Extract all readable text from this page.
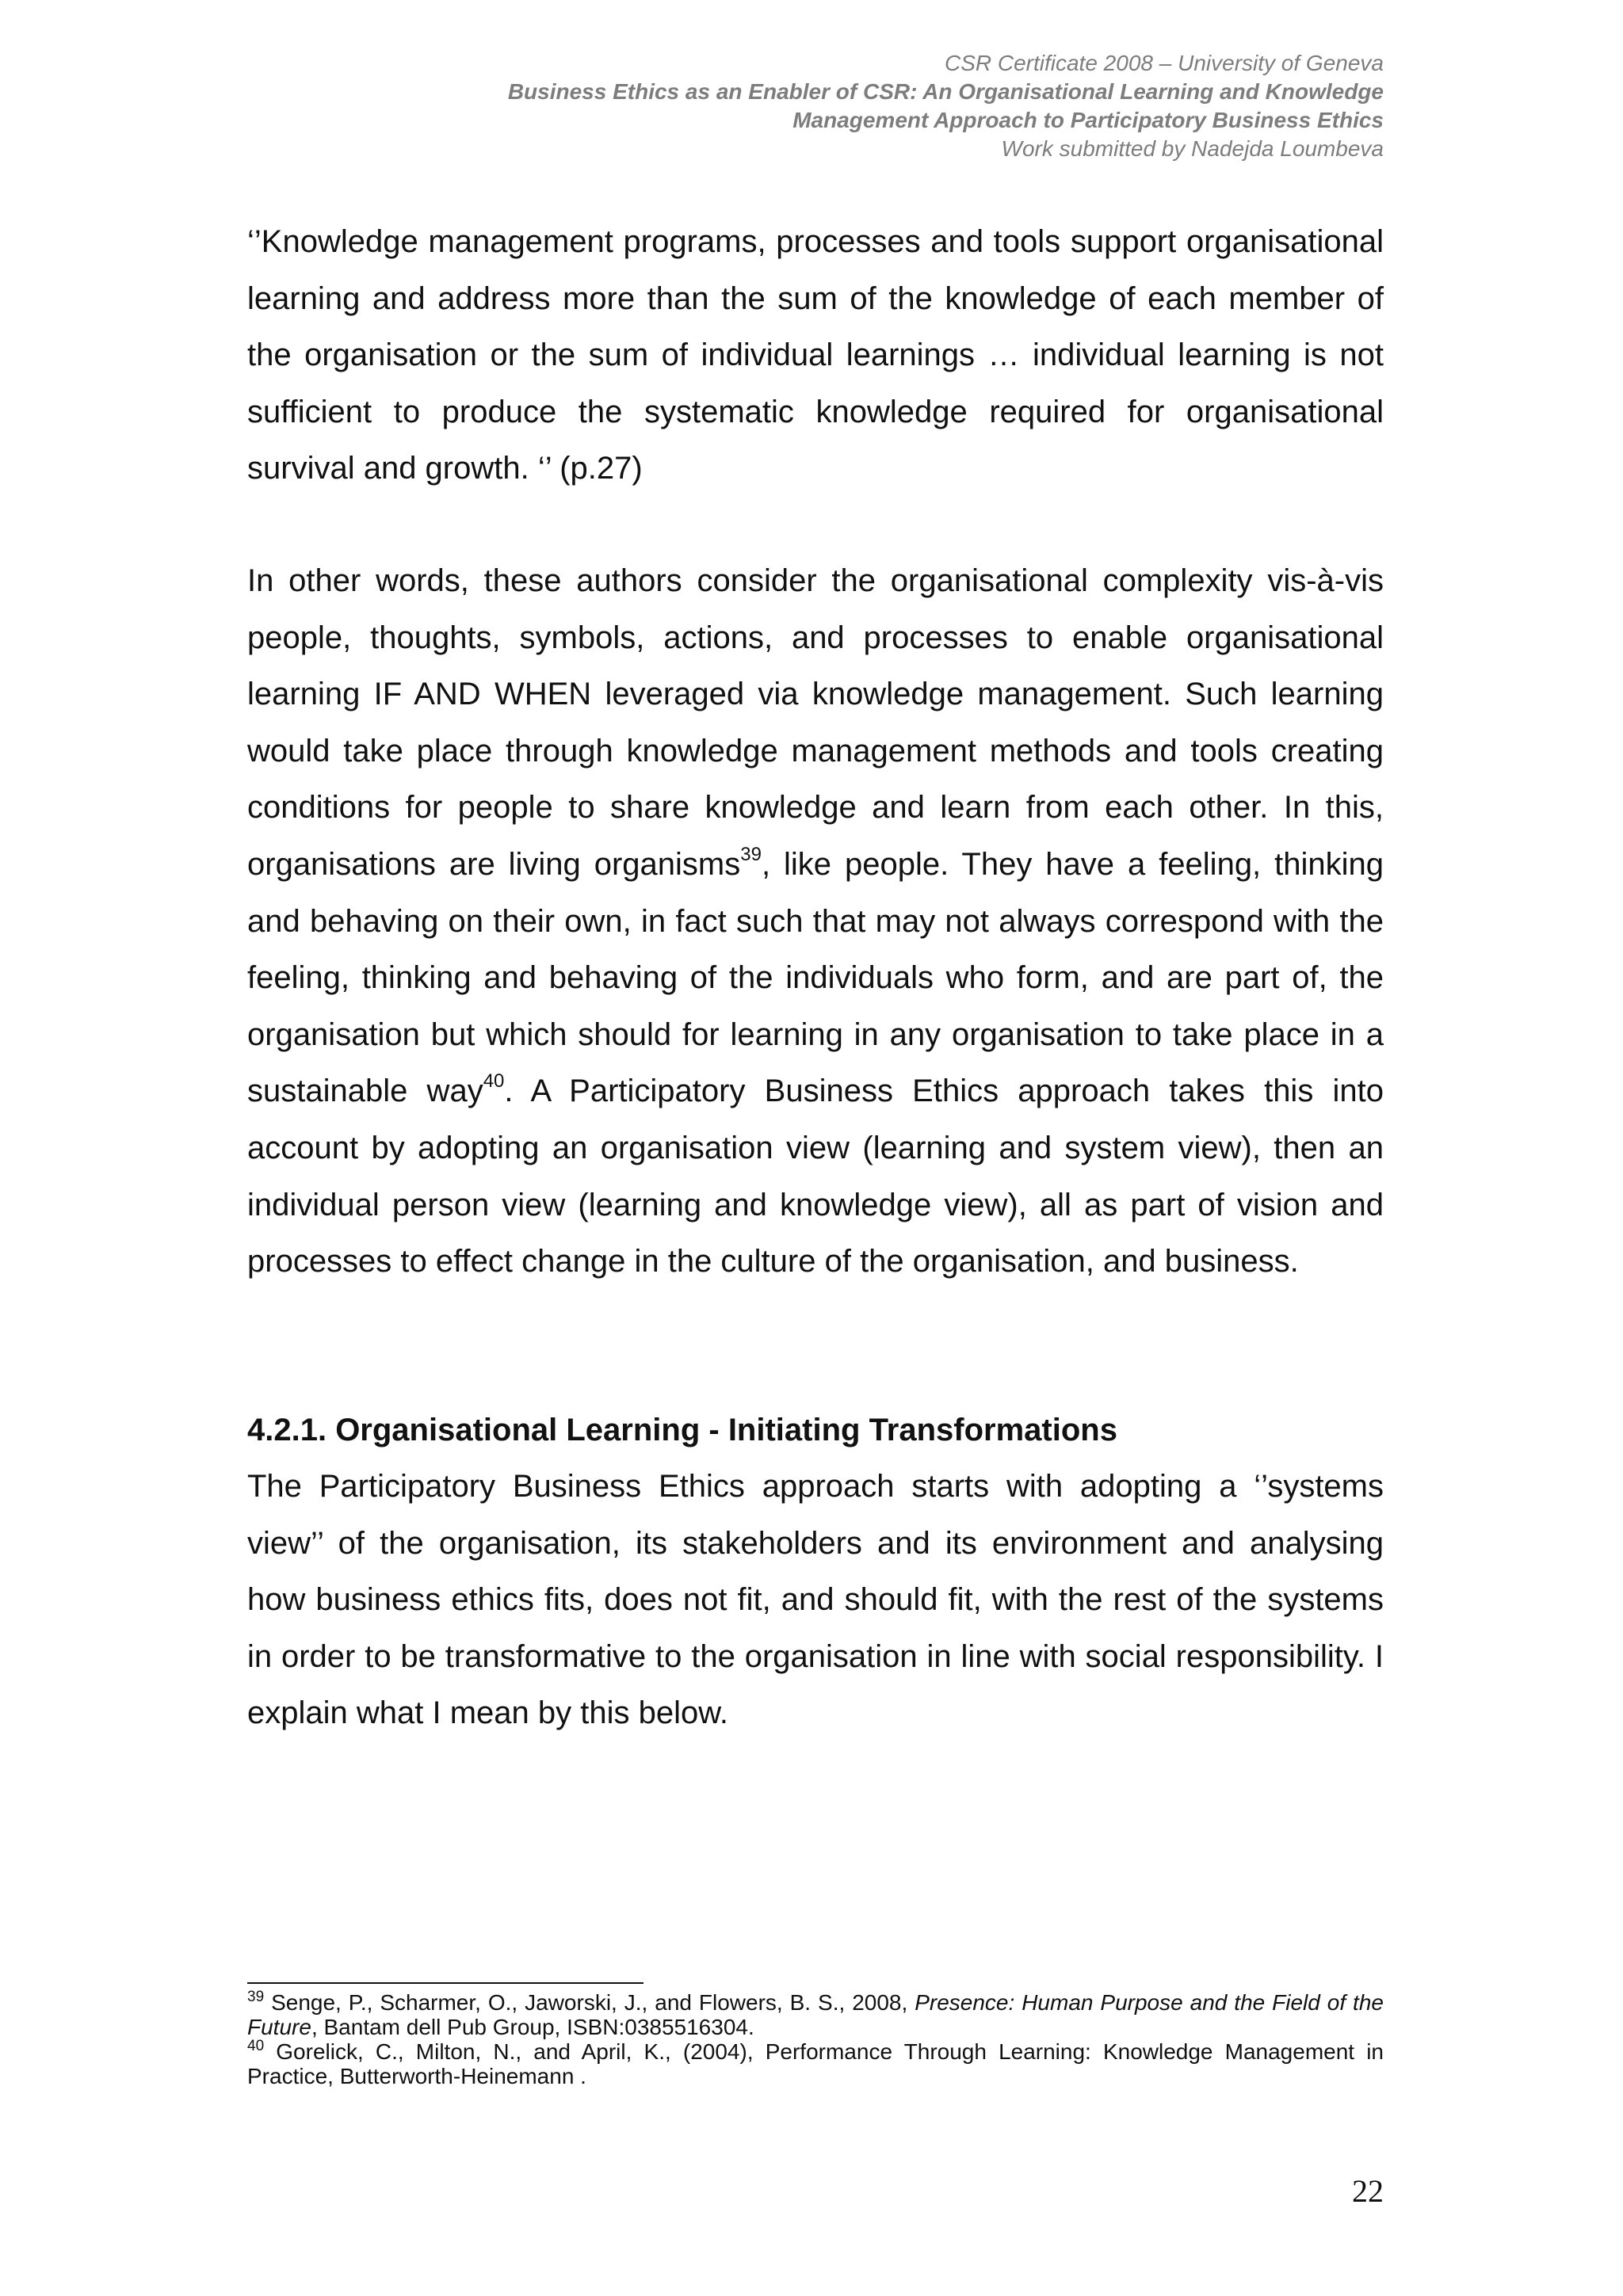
CSR Certificate 2008 – University of Geneva
Business Ethics as an Enabler of CSR: An Organisational Learning and Knowledge
Management Approach to Participatory Business Ethics
Work submitted by Nadejda Loumbeva

‘’Knowledge management programs, processes and tools support organisational learning and address more than the sum of the knowledge of each member of the organisation or the sum of individual learnings … individual learning is not sufficient to produce the systematic knowledge required for organisational survival and growth. ‘’ (p.27)

In other words, these authors consider the organisational complexity vis-à-vis people, thoughts, symbols, actions, and processes to enable organisational learning IF AND WHEN leveraged via knowledge management. Such learning would take place through knowledge management methods and tools creating conditions for people to share knowledge and learn from each other. In this, organisations are living organisms$^{39}$, like people. They have a feeling, thinking and behaving on their own, in fact such that may not always correspond with the feeling, thinking and behaving of the individuals who form, and are part of, the organisation but which should for learning in any organisation to take place in a sustainable way$^{40}$. A Participatory Business Ethics approach takes this into account by adopting an organisation view (learning and system view), then an individual person view (learning and knowledge view), all as part of vision and processes to effect change in the culture of the organisation, and business.

4.2.1. Organisational Learning - Initiating Transformations

The Participatory Business Ethics approach starts with adopting a ‘’systems view’’ of the organisation, its stakeholders and its environment and analysing how business ethics fits, does not fit, and should fit, with the rest of the systems in order to be transformative to the organisation in line with social responsibility. I explain what I mean by this below.

$^{39}$ Senge, P., Scharmer, O., Jaworski, J., and Flowers, B. S., 2008, Presence: Human Purpose and the Field of the Future, Bantam dell Pub Group, ISBN:0385516304.

$^{40}$ Gorelick, C., Milton, N., and April, K., (2004), Performance Through Learning: Knowledge Management in Practice, Butterworth-Heinemann .

22
